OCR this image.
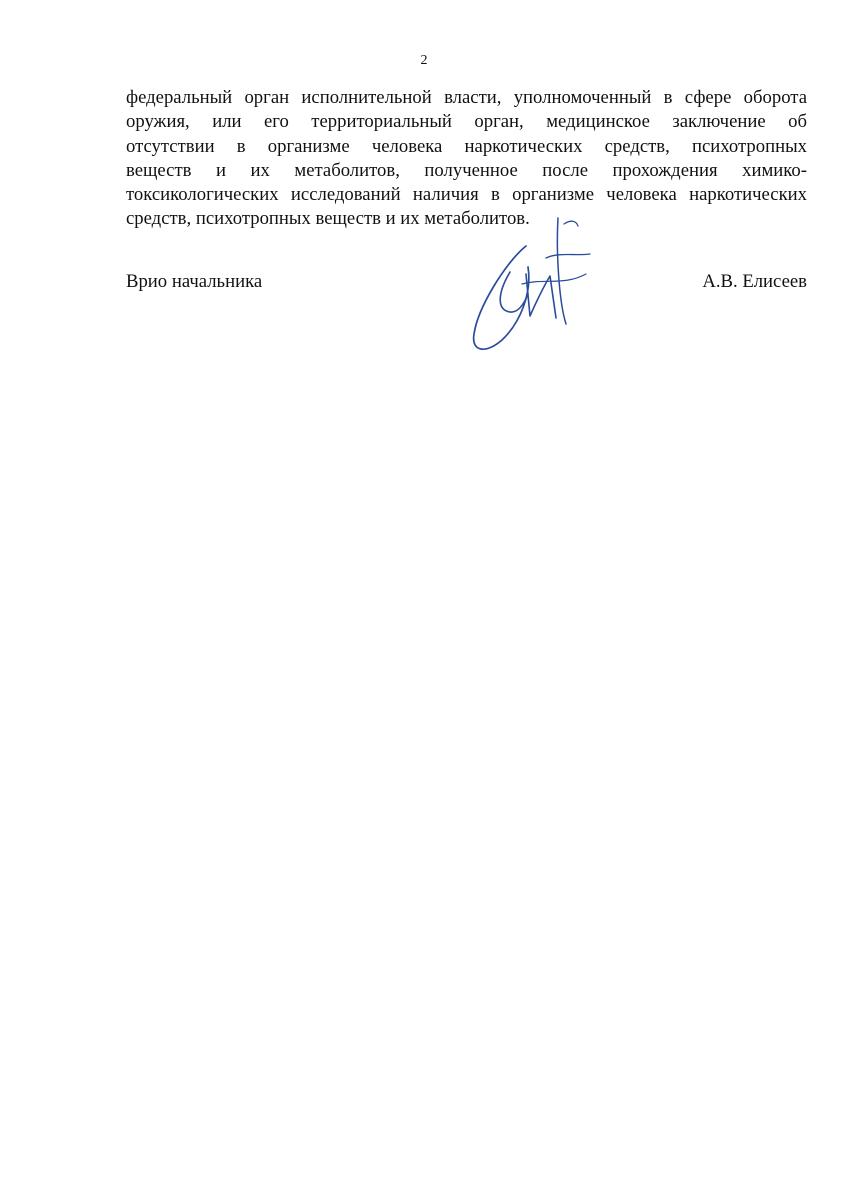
2
федеральный орган исполнительной власти, уполномоченный в сфере оборота
оружия, или его территориальный орган, медицинское заключение об
отсутствии в организме человека наркотических средств, психотропных
веществ и их метаболитов, полученное после прохождения химико-
токсикологических исследований наличия в организме человека наркотических
средств, психотропных веществ и их метаболитов.
Врио начальника	А.В. Елисеев
